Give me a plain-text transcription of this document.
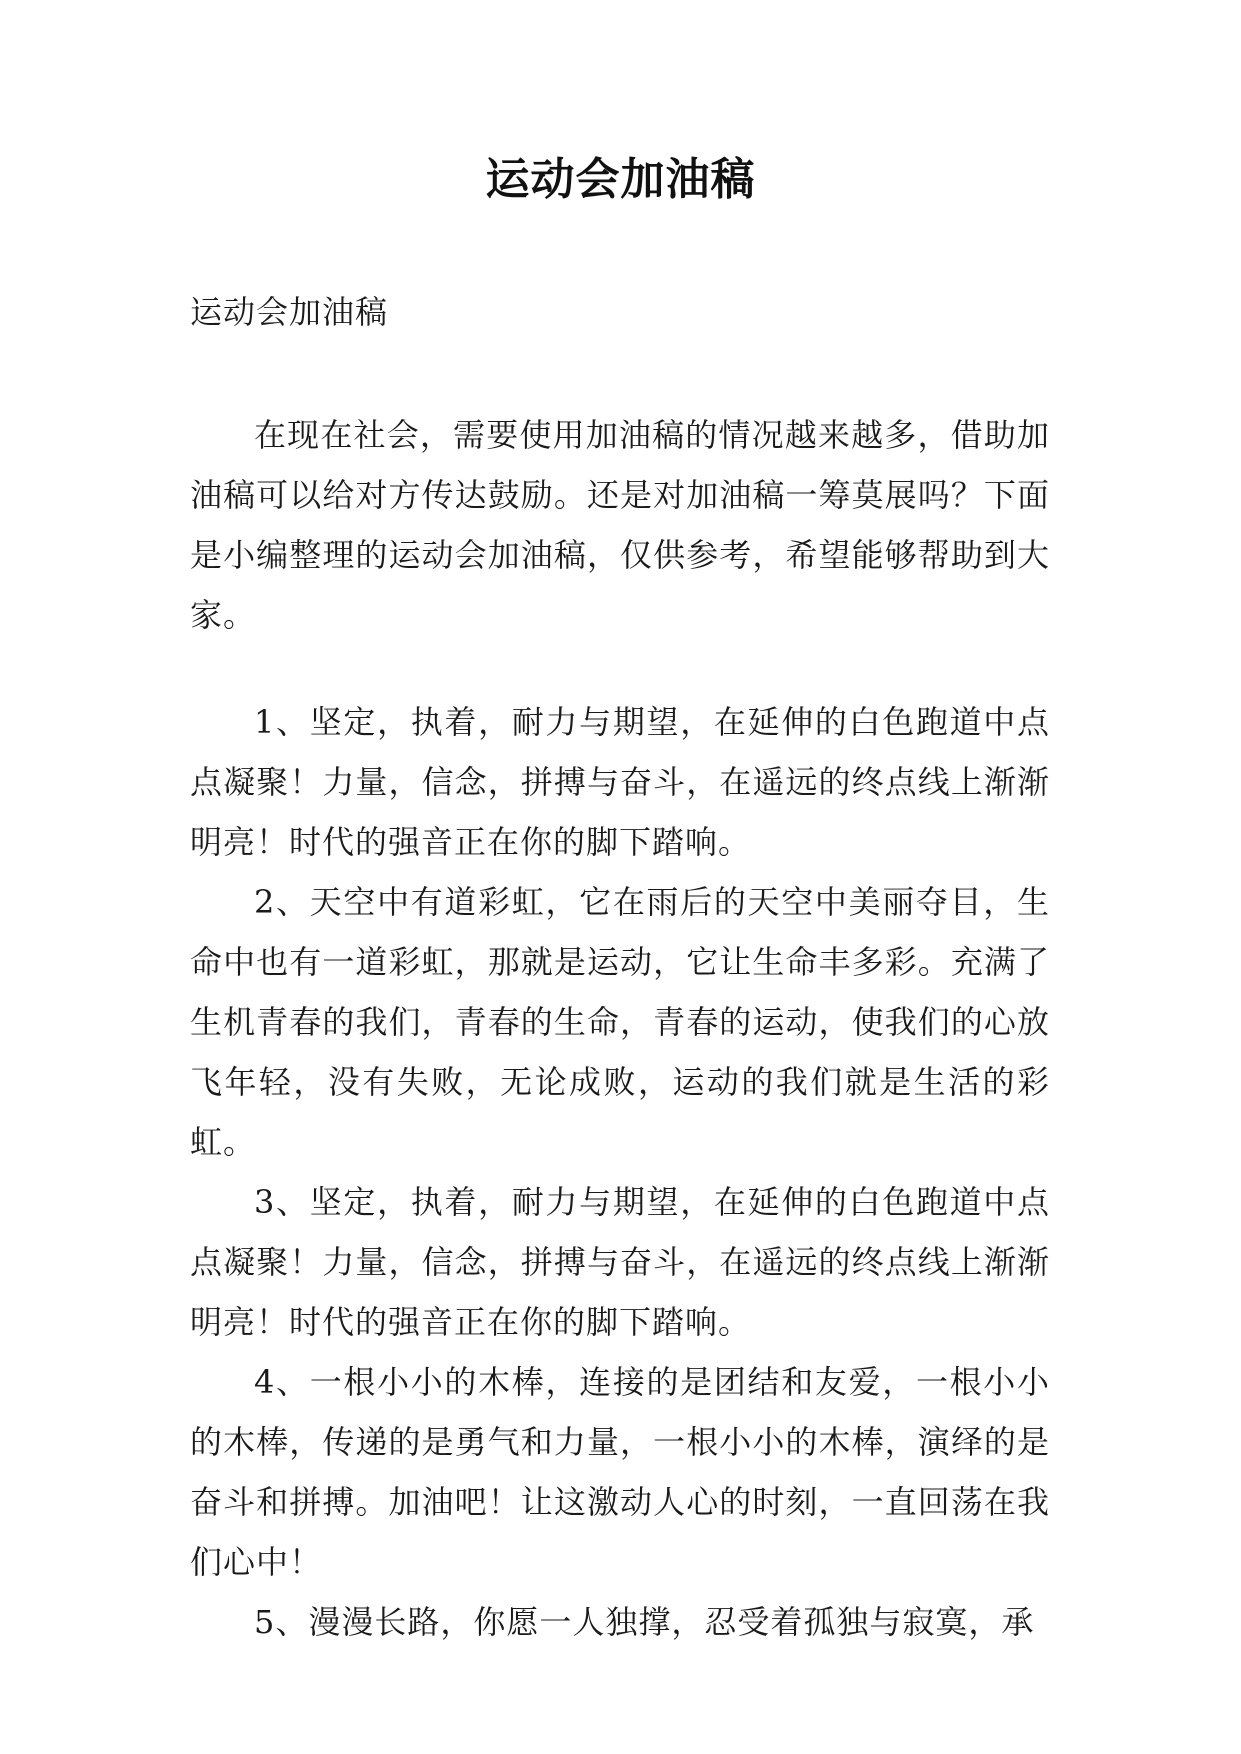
运动会加油稿
运动会加油稿

在现在社会，需要使用加油稿的情况越来越多，借助加油稿可以给对方传达鼓励。还是对加油稿一筹莫展吗？下面是小编整理的运动会加油稿，仅供参考，希望能够帮助到大家。

1、坚定，执着，耐力与期望，在延伸的白色跑道中点点凝聚！力量，信念，拼搏与奋斗，在遥远的终点线上渐渐明亮！时代的强音正在你的脚下踏响。

2、天空中有道彩虹，它在雨后的天空中美丽夺目，生命中也有一道彩虹，那就是运动，它让生命丰多彩。充满了生机青春的我们，青春的生命，青春的运动，使我们的心放飞年轻，没有失败，无论成败，运动的我们就是生活的彩虹。

3、坚定，执着，耐力与期望，在延伸的白色跑道中点点凝聚！力量，信念，拼搏与奋斗，在遥远的终点线上渐渐明亮！时代的强音正在你的脚下踏响。

4、一根小小的木棒，连接的是团结和友爱，一根小小的木棒，传递的是勇气和力量，一根小小的木棒，演绎的是奋斗和拼搏。加油吧！让这激动人心的时刻，一直回荡在我们心中！

5、漫漫长路，你愿一人独撑，忍受着孤独与寂寞，承
